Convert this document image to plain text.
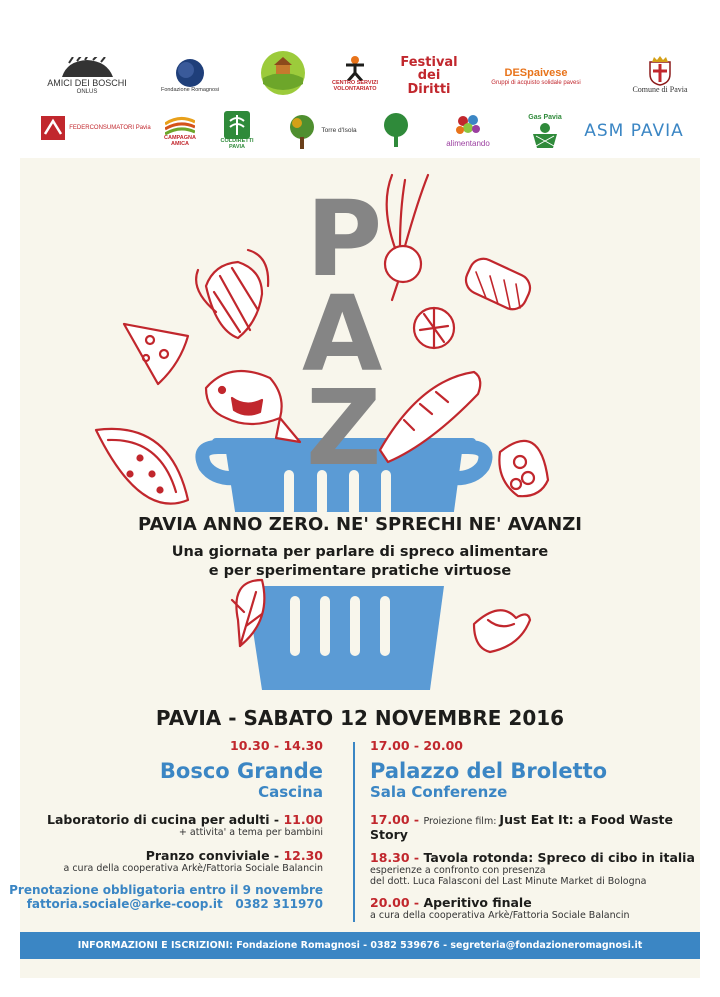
AMICI DEI BOSCHI
ONLUS	Fondazione Romagnosi
CENTRO SERVIZI VOLONTARIATO
Festival
dei Diritti
DESpaivese
Gruppi di acquisto solidale pavesi
Comune di Pavia
FEDERCONSUMATORI Pavia
CAMPAGNA AMICA	COLDIRETTI PAVIA
Torre d'Isola
alimentando
Gas Pavia
ASM PAVIA
P
A
Z
PAVIA ANNO ZERO. NE' SPRECHI NE' AVANZI
Una giornata per parlare di spreco alimentare
e per sperimentare pratiche virtuose
PAVIA - SABATO 12 NOVEMBRE 2016
10.30 - 14.30
Bosco Grande
Cascina
Laboratorio di cucina per adulti - 11.00
+ attivita' a tema per bambini
Pranzo conviviale - 12.30
a cura della cooperativa Arkè/Fattoria Sociale Balancin
Prenotazione obbligatoria entro il 9 novembre
fattoria.sociale@arke-coop.it 0382 311970
17.00 - 20.00
Palazzo del Broletto
Sala Conferenze
17.00 - Proiezione film: Just Eat It: a Food Waste Story
18.30 - Tavola rotonda: Spreco di cibo in italia
esperienze a confronto con presenza
del dott. Luca Falasconi del Last Minute Market di Bologna
20.00 - Aperitivo finale
a cura della cooperativa Arkè/Fattoria Sociale Balancin
INFORMAZIONI E ISCRIZIONI: Fondazione Romagnosi - 0382 539676 - segreteria@fondazioneromagnosi.it
